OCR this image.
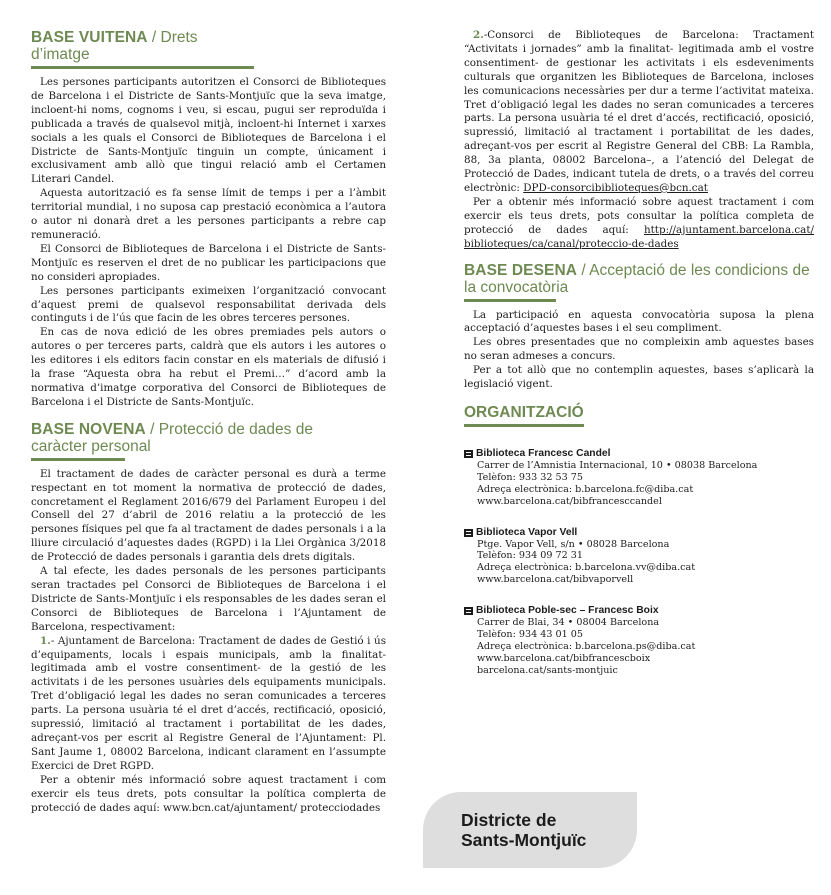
BASE VUITENA / Drets d’imatge

Les persones participants autoritzen el Consorci de Biblioteques de Barcelona i el Districte de Sants-Montjuïc que la seva imatge, incloent-hi noms, cognoms i veu, si escau, pugui ser reproduïda i publicada a través de qualsevol mitjà, incloent-hi Internet i xarxes socials a les quals el Consorci de Biblioteques de Barcelona i el Districte de Sants-Montjuïc tinguin un compte, únicament i exclusivament amb allò que tingui relació amb el Certamen Literari Candel.

Aquesta autorització es fa sense límit de temps i per a l’àmbit territorial mundial, i no suposa cap prestació econòmica a l’autora o autor ni donarà dret a les persones participants a rebre cap remuneració.

El Consorci de Biblioteques de Barcelona i el Districte de Sants-Montjuïc es reserven el dret de no publicar les participacions que no consideri apropiades.

Les persones participants eximeixen l’organització convocant d’aquest premi de qualsevol responsabilitat derivada dels continguts i de l’ús que facin de les obres terceres persones.

En cas de nova edició de les obres premiades pels autors o autores o per terceres parts, caldrà que els autors i les autores o les editores i els editors facin constar en els materials de difusió i la frase “Aquesta obra ha rebut el Premi…” d’acord amb la normativa d’imatge corporativa del Consorci de Biblioteques de Barcelona i el Districte de Sants-Montjuïc.

BASE NOVENA / Protecció de dades de caràcter personal

El tractament de dades de caràcter personal es durà a terme respectant en tot moment la normativa de protecció de dades, concretament el Reglament 2016/679 del Parlament Europeu i del Consell del 27 d’abril de 2016 relatiu a la protecció de les persones físiques pel que fa al tractament de dades personals i a la lliure circulació d’aquestes dades (RGPD) i la Llei Orgànica 3/2018 de Protecció de dades personals i garantia dels drets digitals.

A tal efecte, les dades personals de les persones participants seran tractades pel Consorci de Biblioteques de Barcelona i el Districte de Sants-Montjuïc i els responsables de les dades seran el Consorci de Biblioteques de Barcelona i l’Ajuntament de Barcelona, respectivament:

1.- Ajuntament de Barcelona: Tractament de dades de Gestió i ús d’equipaments, locals i espais municipals, amb la finalitat- legitimada amb el vostre consentiment- de la gestió de les activitats i de les persones usuàries dels equipaments municipals. Tret d’obligació legal les dades no seran comunicades a terceres parts. La persona usuària té el dret d’accés, rectificació, oposició, supressió, limitació al tractament i portabilitat de les dades, adreçant-vos per escrit al Registre General de l’Ajuntament: Pl. Sant Jaume 1, 08002 Barcelona, indicant clarament en l’assumpte Exercici de Dret RGPD.

Per a obtenir més informació sobre aquest tractament i com exercir els teus drets, pots consultar la política complerta de protecció de dades aquí: www.bcn.cat/ajuntament/ protecciodades

2.-Consorci de Biblioteques de Barcelona: Tractament “Activitats i jornades” amb la finalitat- legitimada amb el vostre consentiment- de gestionar les activitats i els esdeveniments culturals que organitzen les Biblioteques de Barcelona, incloses les comunicacions necessàries per dur a terme l’activitat mateixa. Tret d’obligació legal les dades no seran comunicades a terceres parts. La persona usuària té el dret d’accés, rectificació, oposició, supressió, limitació al tractament i portabilitat de les dades, adreçant-vos per escrit al Registre General del CBB: La Rambla, 88, 3a planta, 08002 Barcelona–, a l’atenció del Delegat de Protecció de Dades, indicant tutela de drets, o a través del correu electrònic: DPD-consorcibiblioteques@bcn.cat

Per a obtenir més informació sobre aquest tractament i com exercir els teus drets, pots consultar la política completa de protecció de dades aquí: http://ajuntament.barcelona.cat/ biblioteques/ca/canal/proteccio-de-dades

BASE DESENA / Acceptació de les condicions de la convocatòria

La participació en aquesta convocatòria suposa la plena acceptació d’aquestes bases i el seu compliment.

Les obres presentades que no compleixin amb aquestes bases no seran admeses a concurs.

Per a tot allò que no contemplin aquestes, bases s’aplicarà la legislació vigent.

ORGANITZACIÓ
Biblioteca Francesc Candel
Carrer de l’Amnistia Internacional, 10 • 08038 Barcelona
Telèfon: 933 32 53 75
Adreça electrònica: b.barcelona.fc@diba.cat
www.barcelona.cat/bibfrancesccandel
Biblioteca Vapor Vell
Ptge. Vapor Vell, s/n • 08028 Barcelona
Telèfon: 934 09 72 31
Adreça electrònica: b.barcelona.vv@diba.cat
www.barcelona.cat/bibvaporvell
Biblioteca Poble-sec – Francesc Boix
Carrer de Blai, 34 • 08004 Barcelona
Telèfon: 934 43 01 05
Adreça electrònica: b.barcelona.ps@diba.cat
www.barcelona.cat/bibfrancescboix
barcelona.cat/sants-montjuic
Districte de
Sants-Montjuïc
